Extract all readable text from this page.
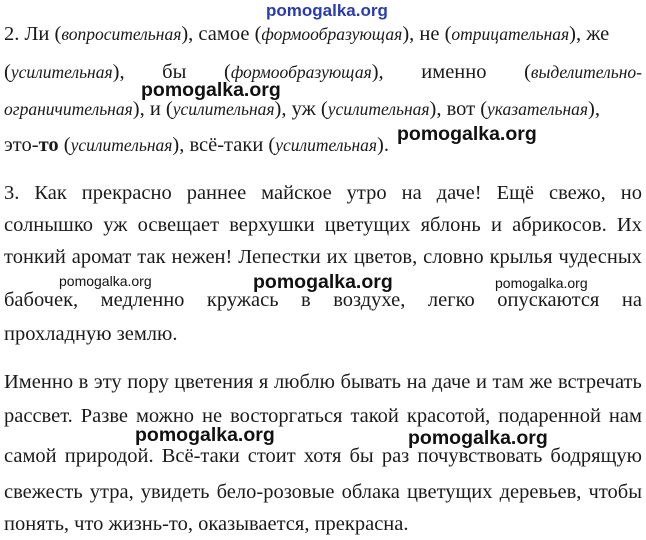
2. Ли (вопросительная), самое (формообразующая), не (отрицательная), же
(усилительная), бы (формообразующая), именно (выделительно-
ограничительная), и (усилительная), уж (усилительная), вот (указательная),
это-то (усилительная), всё-таки (усилительная).
3. Как прекрасно раннее майское утро на даче! Ещё свежо, но
солнышко уж освещает верхушки цветущих яблонь и абрикосов. Их
тонкий аромат так нежен! Лепестки их цветов, словно крылья чудесных
бабочек, медленно кружась в воздухе, легко опускаются на
прохладную землю.
Именно в эту пору цветения я люблю бывать на даче и там же встречать
рассвет. Разве можно не восторгаться такой красотой, подаренной нам
самой природой. Всё-таки стоит хотя бы раз почувствовать бодрящую
свежесть утра, увидеть бело-розовые облака цветущих деревьев, чтобы
понять, что жизнь-то, оказывается, прекрасна.
pomogalka.org
pomogalka.org
pomogalka.org
pomogalka.org	pomogalka.org	pomogalka.org
pomogalka.org	pomogalka.org
